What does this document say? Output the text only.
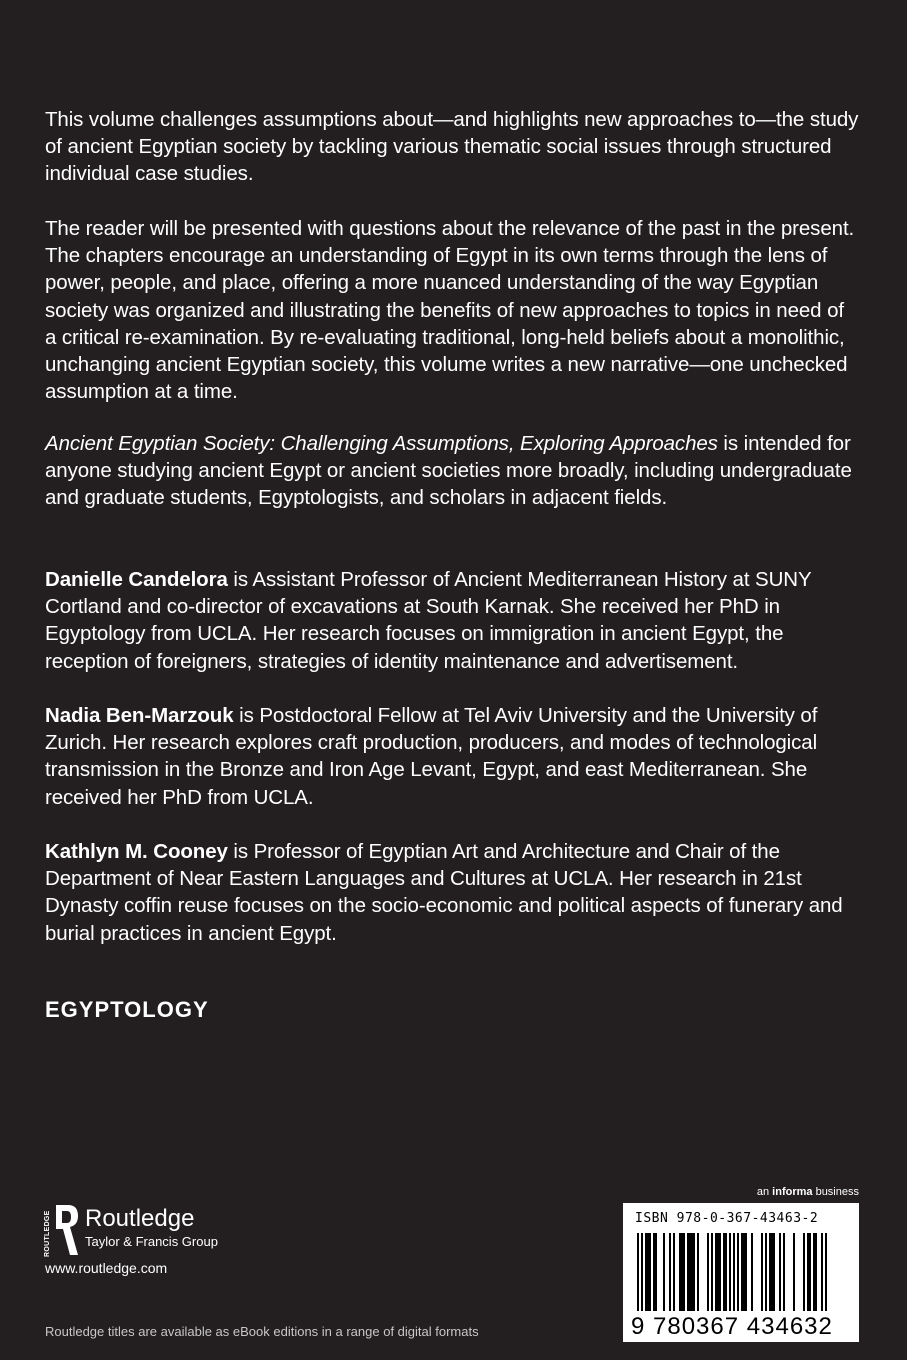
This volume challenges assumptions about—and highlights new approaches to—the study of ancient Egyptian society by tackling various thematic social issues through structured individual case studies.

The reader will be presented with questions about the relevance of the past in the present. The chapters encourage an understanding of Egypt in its own terms through the lens of power, people, and place, offering a more nuanced understanding of the way Egyptian society was organized and illustrating the benefits of new approaches to topics in need of a critical re-examination. By re-evaluating traditional, long-held beliefs about a monolithic, unchanging ancient Egyptian society, this volume writes a new narrative—one unchecked assumption at a time.

Ancient Egyptian Society: Challenging Assumptions, Exploring Approaches is intended for anyone studying ancient Egypt or ancient societies more broadly, including undergraduate and graduate students, Egyptologists, and scholars in adjacent fields.

Danielle Candelora is Assistant Professor of Ancient Mediterranean History at SUNY Cortland and co-director of excavations at South Karnak. She received her PhD in Egyptology from UCLA. Her research focuses on immigration in ancient Egypt, the reception of foreigners, strategies of identity maintenance and advertisement.

Nadia Ben-Marzouk is Postdoctoral Fellow at Tel Aviv University and the University of Zurich. Her research explores craft production, producers, and modes of technological transmission in the Bronze and Iron Age Levant, Egypt, and east Mediterranean. She received her PhD from UCLA.

Kathlyn M. Cooney is Professor of Egyptian Art and Architecture and Chair of the Department of Near Eastern Languages and Cultures at UCLA. Her research in 21st Dynasty coffin reuse focuses on the socio-economic and political aspects of funerary and burial practices in ancient Egypt.

EGYPTOLOGY
ROUTLEDGE Routledge
Taylor & Francis Group
www.routledge.com
Routledge titles are available as eBook editions in a range of digital formats
an informa business
ISBN 978-0-367-43463-2
9 780367 434632
